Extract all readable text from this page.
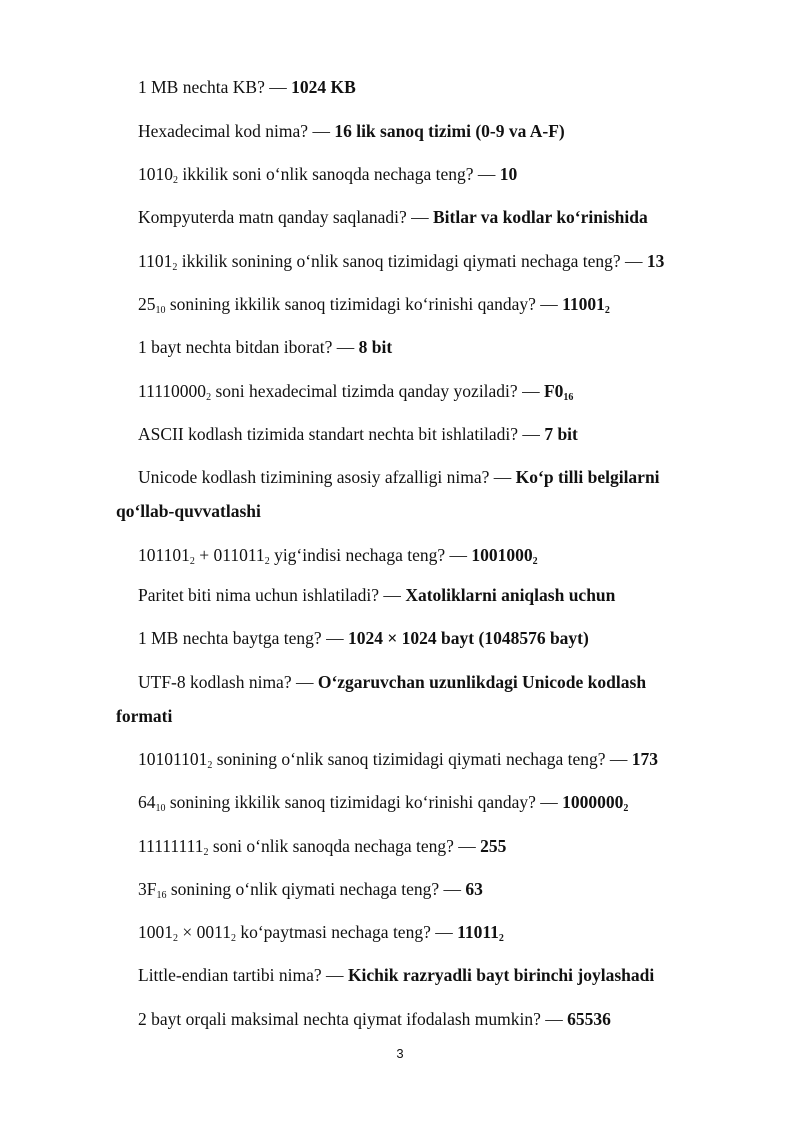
1 MB nechta KB? — 1024 KB

Hexadecimal kod nima? — 16 lik sanoq tizimi (0-9 va A-F)

$1010_2$ ikkilik soni o‘nlik sanoqda nechaga teng? — 10

Kompyuterda matn qanday saqlanadi? — Bitlar va kodlar ko‘rinishida

$1101_2$ ikkilik sonining o‘nlik sanoq tizimidagi qiymati nechaga teng? — 13

$25_{10}$ sonining ikkilik sanoq tizimidagi ko‘rinishi qanday? — $11001_2$

1 bayt nechta bitdan iborat? — 8 bit

$11110000_2$ soni hexadecimal tizimda qanday yoziladi? — $F0_{16}$

ASCII kodlash tizimida standart nechta bit ishlatiladi? — 7 bit

Unicode kodlash tizimining asosiy afzalligi nima? — Ko‘p tilli belgilarni qo‘llab-quvvatlashi

$101101_2 + 011011_2$ yig‘indisi nechaga teng? — $1001000_2$

Paritet biti nima uchun ishlatiladi? — Xatoliklarni aniqlash uchun

1 MB nechta baytga teng? — 1024 × 1024 bayt (1048576 bayt)

UTF-8 kodlash nima? — O‘zgaruvchan uzunlikdagi Unicode kodlash formati

$10101101_2$ sonining o‘nlik sanoq tizimidagi qiymati nechaga teng? — 173

$64_{10}$ sonining ikkilik sanoq tizimidagi ko‘rinishi qanday? — $1000000_2$

$11111111_2$ soni o‘nlik sanoqda nechaga teng? — 255

$3F_{16}$ sonining o‘nlik qiymati nechaga teng? — 63

$1001_2 \times 0011_2$ ko‘paytmasi nechaga teng? — $11011_2$

Little-endian tartibi nima? — Kichik razryadli bayt birinchi joylashadi

2 bayt orqali maksimal nechta qiymat ifodalash mumkin? — 65536

3
